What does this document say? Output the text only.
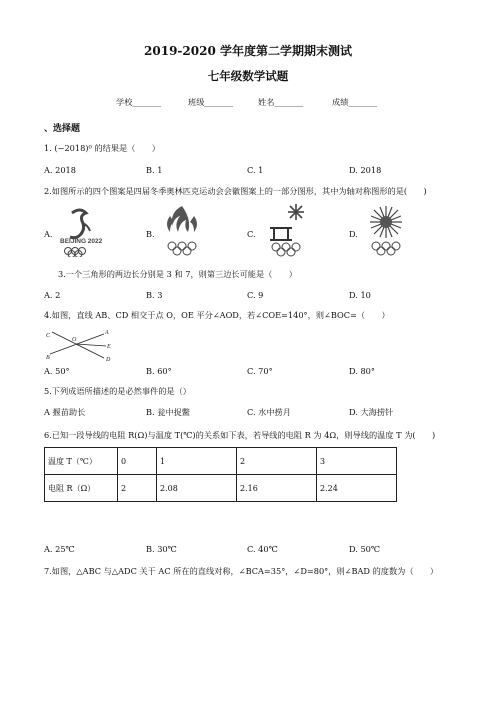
2019-2020 学年度第二学期期末测试
七年级数学试题
学校_______	班级_______	姓名_______	成绩_______
、选择题
1. (−2018)⁰ 的结果是（　　）
A. 2018	B. 1	C. 1	D. 2018
2.如图所示的四个图案是四届冬季奥林匹克运动会会徽图案上的一部分图形，其中为轴对称图形的是(　　)
A.	B.	C.	D.
BEIJING 2022
3.一个三角形的两边长分别是 3 和 7，则第三边长可能是（　　）
A. 2	B. 3	C. 9	D. 10
4.如图，直线 AB、CD 相交于点 O，OE 平分∠AOD，若∠COE=140°，则∠BOC=（　　）
C	A
O
E
B	D
A. 50°	B. 60°	C. 70°	D. 80°
5.下列成语所描述的是必然事件的是（）
A 揠苗助长	B. 瓮中捉鳖	C. 水中捞月	D. 大海捞针
6.已知一段导线的电阻 R(Ω)与温度 T(℃)的关系如下表，若导线的电阻 R 为 4Ω，则导线的温度 T 为(　　)
温度 T（℃）	0	1	2	3
电阻 R（Ω）	2	2.08	2.16	2.24
A. 25℃	B. 30℃	C. 40℃	D. 50℃
7.如图，△ABC 与△ADC 关于 AC 所在的直线对称，∠BCA=35°，∠D=80°，则∠BAD 的度数为（　　）
